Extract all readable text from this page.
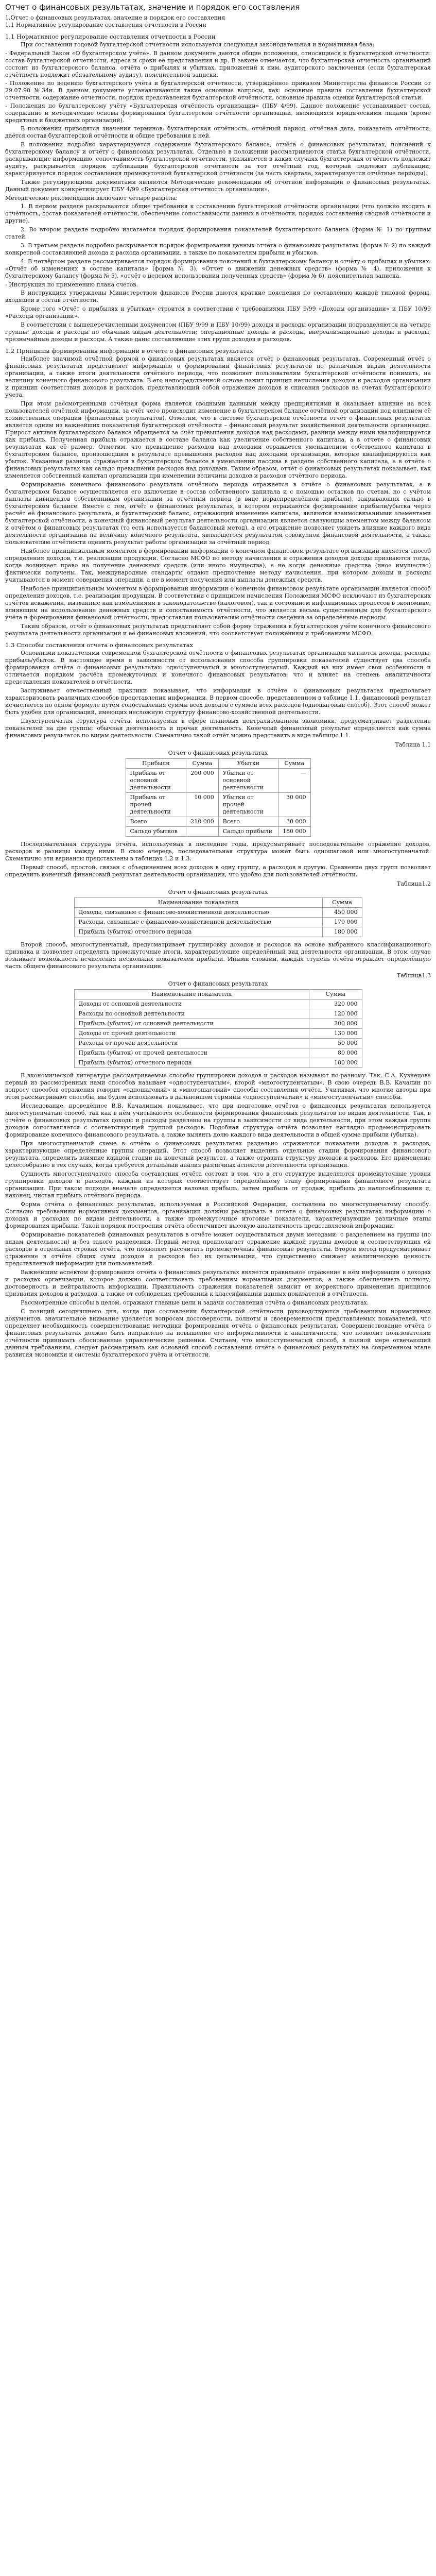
Отчет о финансовых результатах, значение и порядок его составления

1.Отчет о финансовых результатах, значение и порядок его составления

1.1 Нормативное регулирование составления отчетности в России

1.1 Нормативное регулирование составления отчетности в России

При составлении годовой бухгалтерской отчетности используется следующая законодательная и нормативная база:

- Федеральный Закон «О бухгалтерском учёте». В данном документе даются общие положения, относящиеся к бухгалтерской отчетности: состав бухгалтерской отчетности, адреса и сроки её представления и др. В законе отмечается, что бухгалтерская отчетность организаций состоит из бухгалтерского баланса, отчёта о прибылях и убытках, приложений к ним, аудиторского заключения (если бухгалтерская отчётность подлежит обязательному аудиту), пояснительной записки.

- Положение по ведению бухгалтерского учёта и бухгалтерской отчетности, утверждённое приказом Министерства финансов России от 29.07.98 №34н. В данном документе устанавливаются такие основные вопросы, как: основные правила составления бухгалтерской отчетности, содержание отчетности, порядок представления бухгалтерской отчётности, основные правила оценки бухгалтерской статьи.

- Положения по бухгалтерскому учёту «Бухгалтерская отчётность организации» (ПБУ 4/99). Данное положение устанавливает состав, содержание и методические основы формирования бухгалтерской отчётности организаций, являющихся юридическими лицами (кроме кредитных и бюджетных организаций).

В положении приводятся значения терминов: бухгалтерская отчётность, отчётный период, отчётная дата, показатель отчётности, даётся состав бухгалтерской отчётности и общие требования к ней.

В положении подробно характеризуется содержание бухгалтерского баланса, отчёта о финансовых результатах, пояснений к бухгалтерскому балансу и отчёту о финансовых результатах. Отдельно в положении рассматриваются статьи бухгалтерской отчётности, раскрывающие информацию, сопоставимость бухгалтерской отчётности, указывается в каких случаях бухгалтерская отчётность подлежит аудиту, раскрывается порядок публикации бухгалтерской отчётности за тот отчётный год, который подлежит публикации, характеризуется порядок составления промежуточной бухгалтерской отчётности (за часть квартала, характеризуется отчётные периоды).

Также регулирующими документами являются Методические рекомендации об отчетной информации о финансовых результатах. Данный документ конкретизирует ПБУ 4/99 «Бухгалтерская отчетность организации».

Методические рекомендации включают четыре раздела:

1. В первом разделе раскрываются общие требования к составлению бухгалтерской отчётности организации (что должно входить в отчётность, состав показателей отчётности, обеспечение сопоставимости данных в отчётности, порядок составления сводной отчётности и другие).

2. Во втором разделе подробно излагается порядок формирования показателей бухгалтерского баланса (форма № 1) по группам статей.

3. В третьем разделе подробно раскрывается порядок формирования данных отчёта о финансовых результатах (форма № 2) по каждой конкретной составляющей дохода и расхода организации, а также по показателям прибыли и убытков.

4. В четвёртом разделе рассматривается порядок формирования пояснений к бухгалтерскому балансу и отчёту о прибылях и убытках: «Отчёт об изменениях в составе капитала» (форма № 3), «Отчёт о движении денежных средств» (форма № 4), приложения к бухгалтерскому балансу (форма № 5), «отчёт о целевом использовании полученных средств» (форма № 6), пояснительная записка.

- Инструкция по применению плана счетов.

В инструкциях утверждены Министерством финансов России даются краткие пояснения по составлению каждой типовой формы, входящей в состав отчётности.

Кроме того «Отчёт о прибылях и убытках» строится в соответствии с требованиями ПБУ 9/99 «Доходы организации» и ПБУ 10/99 «Расходы организации».

В соответствии с вышеперечисленным документом (ПБУ 9/99 и ПБУ 10/99) доходы и расходы организации подразделяются на четыре группы: доходы и расходы по обычным видам деятельности; операционные доходы и расходы, внереализационные доходы и расходы, чрезвычайные доходы и расходы. А также даны составляющие этих групп доходов и расходов.

1.2 Принципы формирования информации в отчете о финансовых результатах

Наиболее значимой отчётной формой о финансовых результатах является отчёт о финансовых результатах. Современный отчёт о финансовых результатах представляет информацию о формировании финансовых результатов по различным видам деятельности организации, а также итоги деятельности отчётного периода, что позволяет пользователям бухгалтерской отчётности понимать, на величину конечного финансового результата. В его непосредственной основе лежит принцип начисления доходов и расходов организации и принцип соответствия доходов и расходов, представляющий собой отражение доходов и списания расходов на счетах бухгалтерского учета.

При этом рассмотренными отчётная форма является сводными данными между предприятиями и оказывает влияние на всех пользователей отчётной информации, за счёт чего происходит изменение в бухгалтерском балансе отчётной организации под влиянием её хозяйственных операций (финансовых результатов). Отметим, что в системе бухгалтерской отчётности отчёт о финансовых результатах является одним из важнейших показателей бухгалтерской отчётности – финансовый результат хозяйственной деятельности организации. Прирост активов бухгалтерского баланса обращается за счёт превышения доходов над расходами, разница между ними квалифицируется как прибыль. Полученная прибыль отражается в составе баланса как увеличение собственного капитала, а в отчёте о финансовых результатах как её размер. Отметим, что превышение расходов над доходами отражается уменьшением собственного капитала в бухгалтерском балансе, произошедшим в результате превышения расходов над доходами организации, которые квалифицируются как убыток. Указанная разница отражается в бухгалтерском балансе в уменьшении пассива в разделе собственного капитала, а в отчёте о финансовых результатах как сальдо превышения расходов над доходами. Таким образом, отчёт о финансовых результатах показывает, как изменяется собственный капитал организации при изменении величины доходов и расходов отчётного периода.

Формирование конечного финансового результата отчётного периода отражается в отчёте о финансовых результатах, а в бухгалтерском балансе осуществляется его включение в состав собственного капитала и с помощью остатков по счетам, но с учётом выплаты дивидендов собственникам организации за отчётный период (в виде нераспределённой прибыли), закрывающих сальдо в бухгалтерском балансе. Вместе с тем, отчёт о финансовых результатах, в котором отражаются формирование прибыли/убытка через расчёт её финансового результата, и бухгалтерский баланс, отражающий изменение капитала, являются взаимосвязанными элементами бухгалтерской отчётности, а конечный финансовый результат деятельности организации является связующим элементом между балансом и отчётом о финансовых результатах (то есть используется балансовый метод), а его отражение позволяет увидеть влияние каждого вида деятельности организации на величину конечного результата, являющегося результатом совокупной финансовой деятельности, а также пользователям отчётности оценить результат работы организации за отчётный период.

Наиболее принципиальным моментом в формировании информации о конечном финансовом результате организации является способ определения доходов, т.е. реализации продукции. Согласно МСФО по методу начисления и отражения доходов доходы признаются тогда, когда возникает право на получение денежных средств (или иного имущества), а не когда денежные средства (иное имущество) фактически получены. Так, международные стандарты отдают предпочтение методу начисления, при котором доходы и расходы учитываются в момент совершения операции, а не в момент получения или выплаты денежных средств.

Наиболее принципиальным моментом в формировании информации о конечном финансовом результате организации является способ определения доходов, т.е. реализации продукции. В соответствии с принципом начисления Положения МСФО исключают из бухгалтерских отчётов искажения, вызванные как изменениями в законодательстве (налоговом), так и состоянием инфляционных процессов в экономике, влияющим на использование денежных средств и сопоставимость отчётности, что является весьма существенным для бухгалтерского учёта и формирования финансовой отчётности, предоставляя пользователям отчётности сведения за определённые периоды.

Таким образом, отчёт о финансовых результатах представляет собой форму отражения в бухгалтерском учёте конечного финансового результата деятельности организации и её финансовых вложений, что соответствует положениям и требованиям МСФО.

1.3 Способы составления отчета о финансовых результатах

Основными показателями современной бухгалтерской отчётности о финансовых результатах организации являются доходы, расходы, прибыль/убыток. В настоящее время в зависимости от использования способа группировки показателей существует два способа формирования отчёта о финансовых результатах: одноступенчатый и многоступенчатый. Каждый из них имеет свои особенности и отличается порядком расчёта промежуточных и конечного финансовых результатов, что и влияет на степень аналитичности представления показателей в отчётности.

Заслуживает отечественный практики показывает, что информация в отчёте о финансовых результатах предполагает характеризовать различных способов представления информации. В первом способе, представленном в таблице 1.1, финансовый результат исчисляется по одной формуле путём сопоставления суммы всех доходов с суммой всех расходов (одношаговый способ). Этот способ может быть удобен для организаций, имеющих несложную структуру финансово-хозяйственной деятельности.

Двухступенчатая структура отчёта, используемая в сфере плановых централизованной экономики, предусматривает разделение показателей на две группы: обычная деятельность и прочая деятельность. Конечный финансовый результат определяется как сумма финансовых результатов по видам деятельности. Схематично такой отчёт можно представить в виде таблицы 1.1.

Таблица 1.1
Отчет о финансовых результатах
Прибыли	Сумма	Убытки	Сумма
Прибыль от основной деятельности	200 000	Убытки от основной деятельности	—
Прибыль от прочей деятельности	10 000	Убытки от прочей деятельности	30 000
Всего	210 000	Всего	30 000
Сальдо убытков		Сальдо прибыли	180 000

Последовательная структура отчёта, используемая в последние годы, предусматривает последовательное отражение доходов, расходов и разницы между ними. В свою очередь, последовательная структура может быть одношаговой или многоступенчатой. Схематично эти варианты представлены в таблицах 1.2 и 1.3.

Первый способ, простой, связан с объединением всех доходов в одну группу, а расходов в другую. Сравнение двух групп позволяет определить конечный финансовый результат деятельности организации, что удобно для пользователей отчётности.

Таблица1.2
Отчет о финансовых результатах
Наименование показателя	Сумма
Доходы, связанные с финансово-хозяйственной деятельностью	450 000
Расходы, связанные с финансово-хозяйственной деятельностью	170 000
Прибыль (убыток) отчетного периода	180 000

Второй способ, многоступенчатый, предусматривает группировку доходов и расходов на основе выбранного классификационного признака и позволяет определять промежуточные итоги, характеризующие определённый вид деятельности организации. В этом случае возникает возможность исчисления нескольких показателей прибыли. Иными словами, каждая ступень отчёта отражает определённую часть общего финансового результата организации.

Таблица1.3
Отчет о финансовых результатах
Наименование показателя	Сумма
Доходы от основной деятельности	320 000
Расходы по основной деятельности	120 000
Прибыль (убыток) от основной деятельности	200 000
Доходы от прочей деятельности	130 000
Расходы от прочей деятельности	50 000
Прибыль (убыток) от прочей деятельности	80 000
Прибыль (убыток) отчетного периода	180 000

В экономической литературе рассматриваемые способы группировки доходов и расходов называют по-разному. Так, С.А. Кузнецова первый из рассмотренных нами способов называет «одноступенчатым», второй «многоступенчатым». В свою очередь В.В. Качалин по вопросу способов отражения говорит «одношаговый» и «многошаговый» способы составления отчёта. Учитывая, что многие авторы при этом рассматривают способы, мы будем использовать в дальнейшем термины «одноступенчатый» и «многоступенчатый» способы.

Исследование, проведённое В.В. Качалиным, показывает, что при подготовке отчётов о финансовых результатах используется многоступенчатый способ, так как в нём учитываются особенности формирования финансовых результатов по видам деятельности. Так, в отчёте о финансовых результатах доходы и расходы разделены на группы в зависимости от вида деятельности, при этом каждая группа доходов сопоставляется с соответствующей группой расходов. Подобная структура отчёта позволяет наглядно продемонстрировать формирование конечного финансового результата, а также выявить долю каждого вида деятельности в общей сумме прибыли (убытка).

При многоступенчатой схеме в отчёте о финансовых результатах раздельно отражаются показатели доходов и расходов, характеризующие определённые группы операций. Этот способ позволяет выделить отдельные стадии формирования финансового результата, определить влияние каждой стадии на конечный результат, а также отразить структуру доходов и расходов. Его применение целесообразно в тех случаях, когда требуется детальный анализ различных аспектов деятельности организации.

Сущность многоступенчатого способа составления отчёта состоит в том, что в его структуре выделяются промежуточные уровни группировки доходов и расходов, каждый из которых соответствует определённому этапу формирования финансового результата организации. При таком подходе вначале определяется валовая прибыль, затем прибыль от продаж, прибыль до налогообложения и, наконец, чистая прибыль отчётного периода.

Форма отчёта о финансовых результатах, используемая в Российской Федерации, составлена по многоступенчатому способу. Согласно требованиям нормативных документов, организации должны раскрывать в отчёте о финансовых результатах информацию о доходах и расходах по видам деятельности, а также промежуточные итоговые показатели, характеризующие различные этапы формирования прибыли. Такой порядок построения отчёта обеспечивает высокую аналитичность представляемой информации.

Формирование показателей финансовых результатов в отчёте может осуществляться двумя методами: с разделением на группы (по видам деятельности) и без такого разделения. Первый метод предполагает отражение каждой группы доходов и соответствующих ей расходов в отдельных строках отчёта, что позволяет рассчитать промежуточные финансовые результаты. Второй метод предусматривает отражение в отчёте общих сумм доходов и расходов без их детализации, что существенно снижает аналитическую ценность представленной информации для пользователей.

Важнейшим аспектом формирования отчёта о финансовых результатах является правильное отражение в нём информации о доходах и расходах организации, которое должно соответствовать требованиям нормативных документов, а также обеспечивать полноту, достоверность и нейтральность информации. Правильность отражения показателей зависит от корректного применения принципов признания доходов и расходов, а также от соблюдения требований к классификации данных показателей в отчётности.

Рассмотренные способы в целом, отражают главные цели и задачи составления отчёта о финансовых результатах.

С позиций сегодняшнего дня, когда при составлении бухгалтерской отчётности руководствуются требованиями нормативных документов, значительное внимание уделяется вопросам достоверности, полноты и своевременности представляемых показателей, что определяет необходимость совершенствования методики формирования отчёта о финансовых результатах. Совершенствование отчёта о финансовых результатах должно быть направлено на повышение его информативности и аналитичности, что позволит пользователям отчётности принимать обоснованные управленческие решения. Считаем, что многоступенчатый способ, в полной мере отвечающий данным требованиям, следует рассматривать как основной способ составления отчёта о финансовых результатах на современном этапе развития экономики и системы бухгалтерского учёта и отчётности.
